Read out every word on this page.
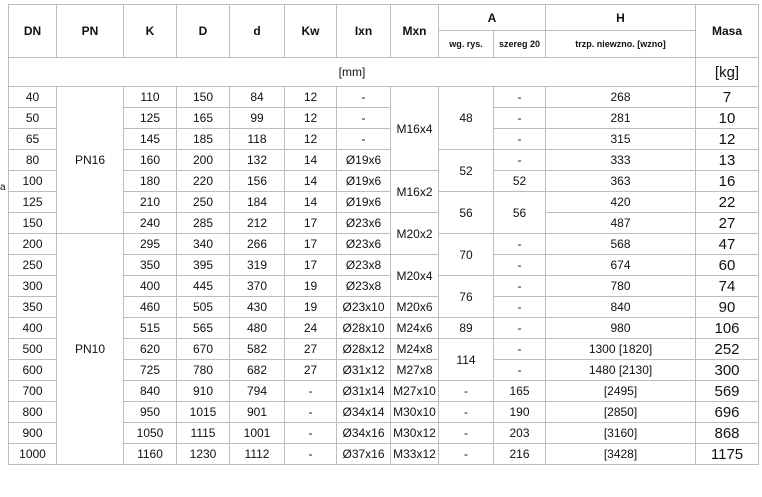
a
DN	PN	K	D	d	Kw	Ixn	Mxn	A		H	Masa
								wg. rys.	szereg 20	trzp. niewzno. [wzno]	
[mm]											[kg]
40	PN16	110	150	84	12	-	M16x4	48	-	268	7
50		125	165	99	12	-			-	281	10
65		145	185	118	12	-			-	315	12
80		160	200	132	14	Ø19x6		52	-	333	13
100		180	220	156	14	Ø19x6	M16x2		52	363	16
125		210	250	184	14	Ø19x6		56	56	420	22
150		240	285	212	17	Ø23x6	M20x2			487	27
200	PN10	295	340	266	17	Ø23x6		70	-	568	47
250		350	395	319	17	Ø23x8	M20x4		-	674	60
300		400	445	370	19	Ø23x8		76	-	780	74
350		460	505	430	19	Ø23x10	M20x6		-	840	90
400		515	565	480	24	Ø28x10	M24x6	89	-	980	106
500		620	670	582	27	Ø28x12	M24x8	114	-	1300 [1820]	252
600		725	780	682	27	Ø31x12	M27x8		-	1480 [2130]	300
700		840	910	794	-	Ø31x14	M27x10	-	165	[2495]	569
800		950	1015	901	-	Ø34x14	M30x10	-	190	[2850]	696
900		1050	1115	1001	-	Ø34x16	M30x12	-	203	[3160]	868
1000		1160	1230	1112	-	Ø37x16	M33x12	-	216	[3428]	1175
